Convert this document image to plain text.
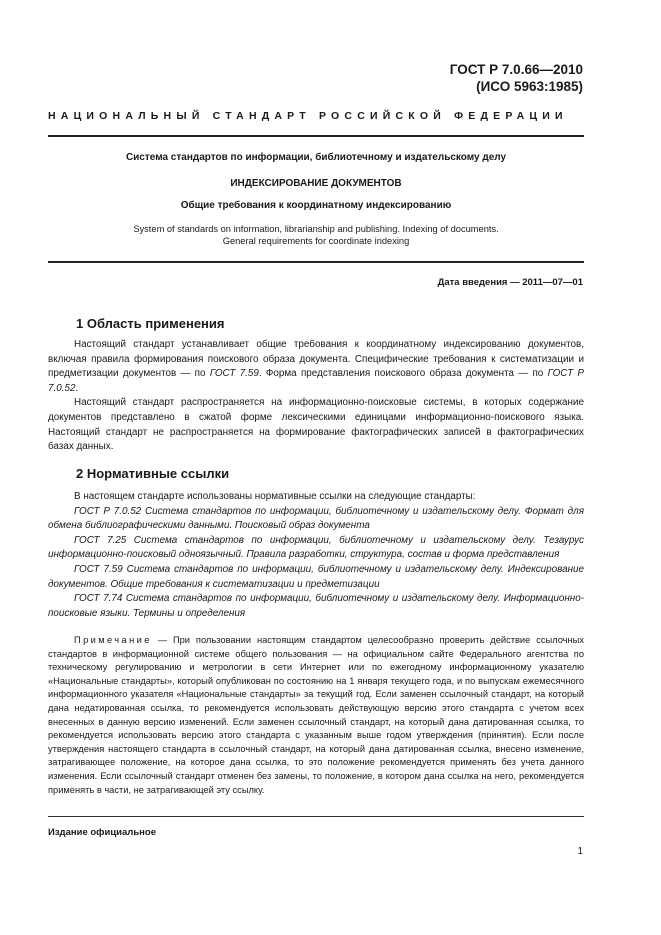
ГОСТ Р 7.0.66—2010
(ИСО 5963:1985)
НАЦИОНАЛЬНЫЙ СТАНДАРТ РОССИЙСКОЙ ФЕДЕРАЦИИ
Система стандартов по информации, библиотечному и издательскому делу
ИНДЕКСИРОВАНИЕ ДОКУМЕНТОВ
Общие требования к координатному индексированию
System of standards on information, librarianship and publishing. Indexing of documents.
General requirements for coordinate indexing
Дата введения — 2011—07—01
1 Область применения

Настоящий стандарт устанавливает общие требования к координатному индексированию документов, включая правила формирования поискового образа документа. Специфические требования к систематизации и предметизации документов — по ГОСТ 7.59. Форма представления поискового образа документа — по ГОСТ Р 7.0.52.

Настоящий стандарт распространяется на информационно-поисковые системы, в которых содержание документов представлено в сжатой форме лексическими единицами информационно-поискового языка. Настоящий стандарт не распространяется на формирование фактографических записей в фактографических базах данных.

2 Нормативные ссылки

В настоящем стандарте использованы нормативные ссылки на следующие стандарты:

ГОСТ Р 7.0.52 Система стандартов по информации, библиотечному и издательскому делу. Формат для обмена библиографическими данными. Поисковый образ документа

ГОСТ 7.25 Система стандартов по информации, библиотечному и издательскому делу. Тезаурус информационно-поисковый одноязычный. Правила разработки, структура, состав и форма представления

ГОСТ 7.59 Система стандартов по информации, библиотечному и издательскому делу. Индексирование документов. Общие требования к систематизации и предметизации

ГОСТ 7.74 Система стандартов по информации, библиотечному и издательскому делу. Информационно-поисковые языки. Термины и определения

Примечание — При пользовании настоящим стандартом целесообразно проверить действие ссылочных стандартов в информационной системе общего пользования — на официальном сайте Федерального агентства по техническому регулированию и метрологии в сети Интернет или по ежегодному информационному указателю «Национальные стандарты», который опубликован по состоянию на 1 января текущего года, и по выпускам ежемесячного информационного указателя «Национальные стандарты» за текущий год. Если заменен ссылочный стандарт, на который дана недатированная ссылка, то рекомендуется использовать действующую версию этого стандарта с учетом всех внесенных в данную версию изменений. Если заменен ссылочный стандарт, на который дана датированная ссылка, то рекомендуется использовать версию этого стандарта с указанным выше годом утверждения (принятия). Если после утверждения настоящего стандарта в ссылочный стандарт, на который дана датированная ссылка, внесено изменение, затрагивающее положение, на которое дана ссылка, то это положение рекомендуется применять без учета данного изменения. Если ссылочный стандарт отменен без замены, то положение, в котором дана ссылка на него, рекомендуется применять в части, не затрагивающей эту ссылку.

Издание официальное
1
